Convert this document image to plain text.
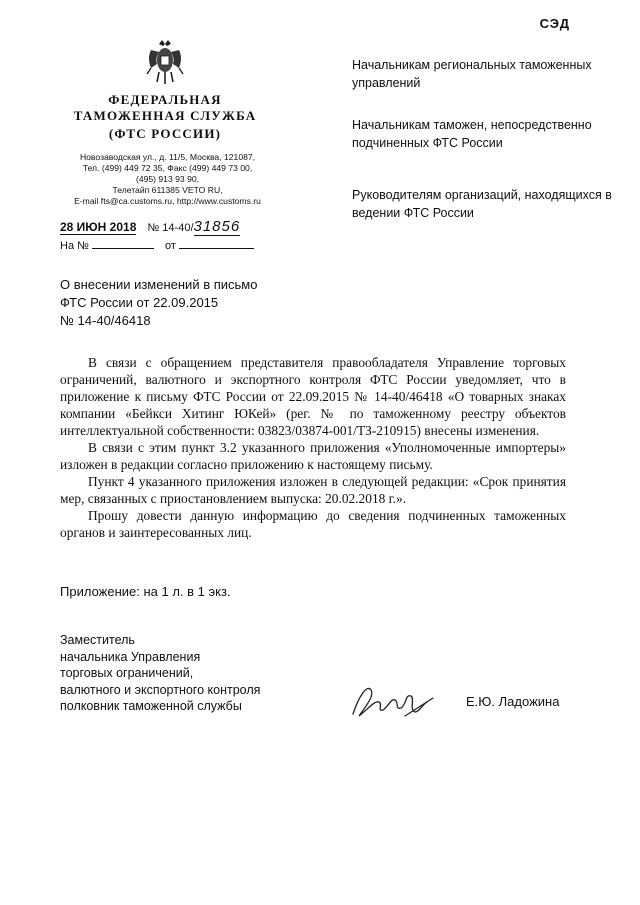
СЭД
ФЕДЕРАЛЬНАЯ
ТАМОЖЕННАЯ СЛУЖБА
(ФТС РОССИИ)
Новозаводская ул., д. 11/5, Москва, 121087,
Тел. (499) 449 72 35, Факс (499) 449 73 00,
(495) 913 93 90,
Телетайп 611385 VETO RU,
E-mail fts@ca.customs.ru, http://www.customs.ru
28 ИЮН 2018 № 14-40/31856
На №	от
Начальникам региональных таможенных управлений
Начальникам таможен, непосредственно подчиненных ФТС России
Руководителям организаций, находящихся в ведении ФТС России
О внесении изменений в письмо
ФТС России от 22.09.2015
№ 14-40/46418

В связи с обращением представителя правообладателя Управление торговых ограничений, валютного и экспортного контроля ФТС России уведомляет, что в приложение к письму ФТС России от 22.09.2015 № 14-40/46418 «О товарных знаках компании «Бейкси Хитинг ЮКей» (рег. № по таможенному реестру объектов интеллектуальной собственности: 03823/03874-001/ТЗ-210915) внесены изменения.

В связи с этим пункт 3.2 указанного приложения «Уполномоченные импортеры» изложен в редакции согласно приложению к настоящему письму.

Пункт 4 указанного приложения изложен в следующей редакции: «Срок принятия мер, связанных с приостановлением выпуска: 20.02.2018 г.».

Прошу довести данную информацию до сведения подчиненных таможенных органов и заинтересованных лиц.

Приложение: на 1 л. в 1 экз.
Заместитель
начальника Управления
торговых ограничений,
валютного и экспортного контроля
полковник таможенной службы	Е.Ю. Ладожина
